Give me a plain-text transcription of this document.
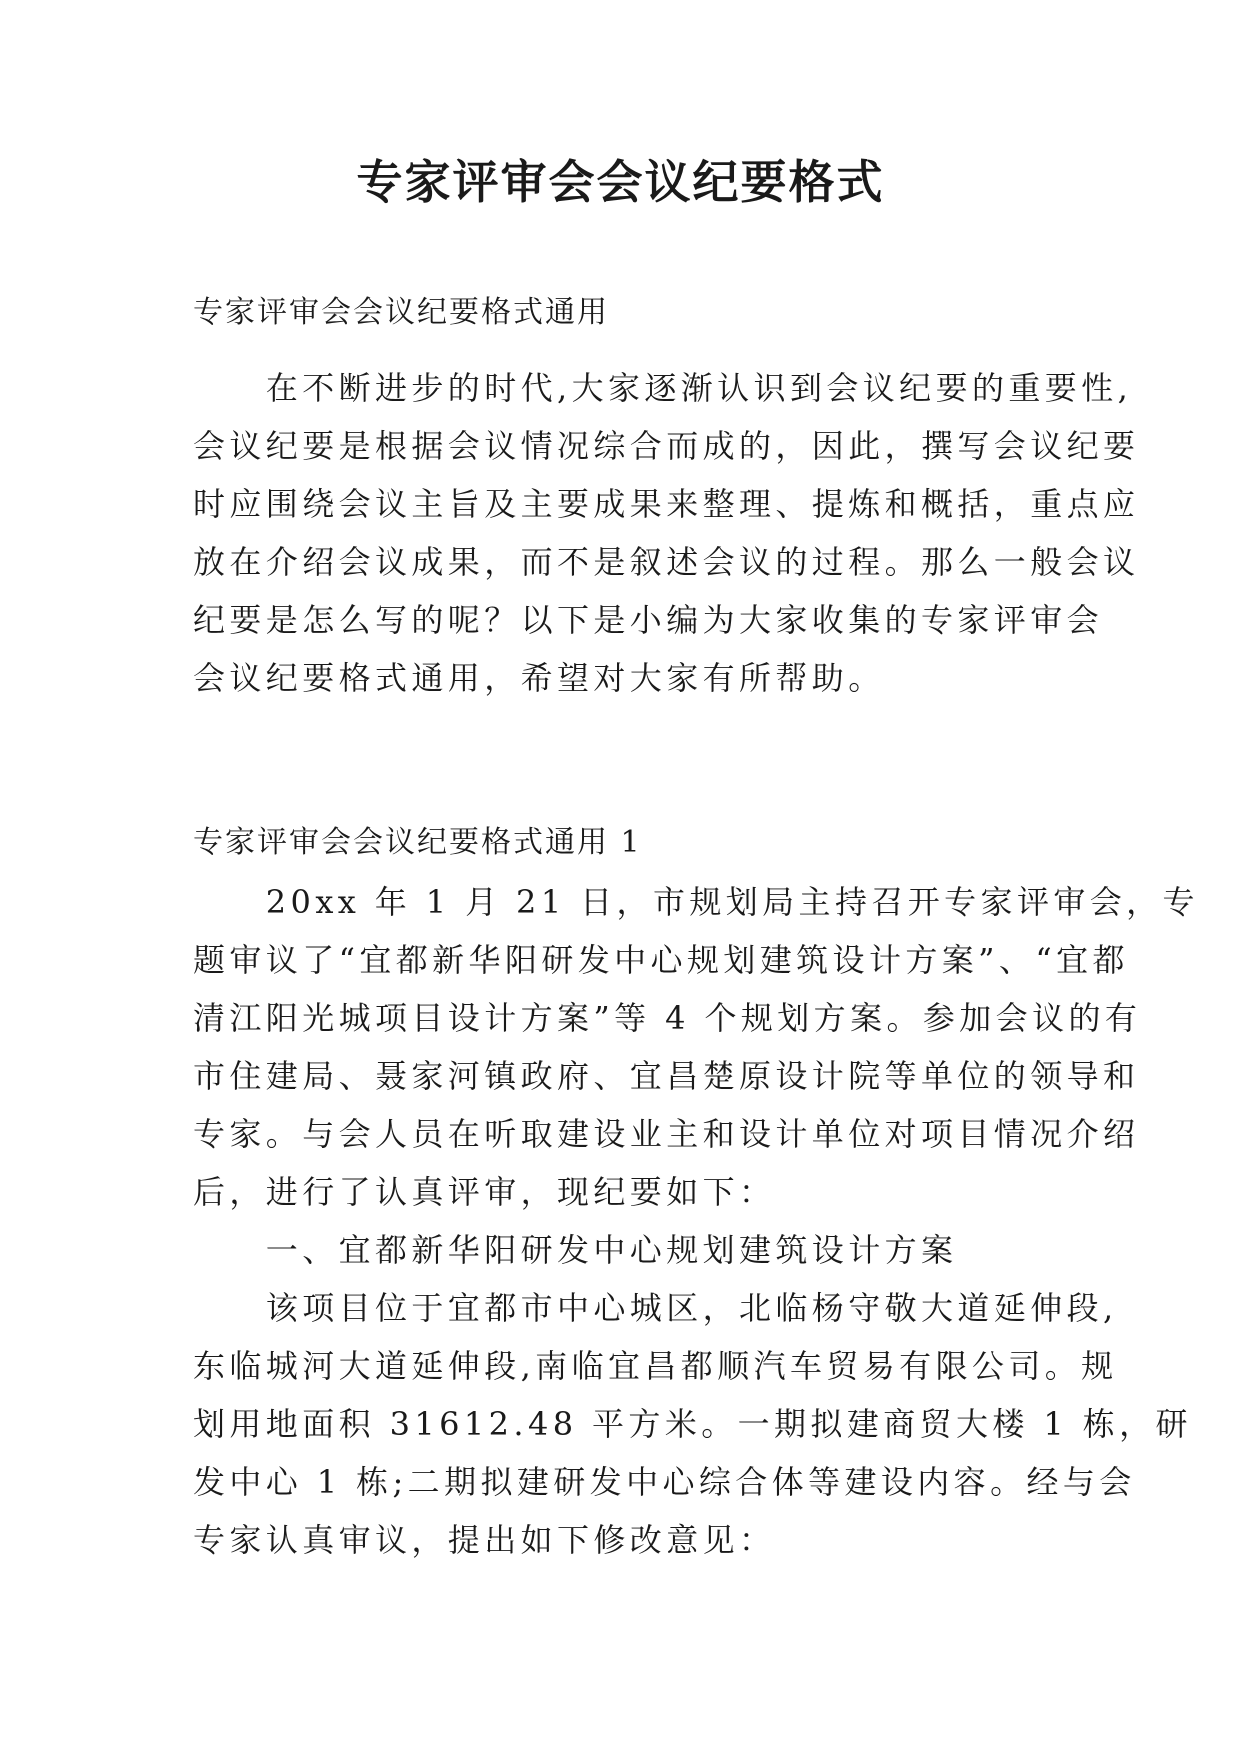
专家评审会会议纪要格式

专家评审会会议纪要格式通用

　　在不断进步的时代,大家逐渐认识到会议纪要的重要性,

会议纪要是根据会议情况综合而成的，因此，撰写会议纪要

时应围绕会议主旨及主要成果来整理、提炼和概括，重点应

放在介绍会议成果，而不是叙述会议的过程。那么一般会议

纪要是怎么写的呢？以下是小编为大家收集的专家评审会

会议纪要格式通用，希望对大家有所帮助。

专家评审会会议纪要格式通用 1

　　20xx 年 1 月 21 日，市规划局主持召开专家评审会，专

题审议了“宜都新华阳研发中心规划建筑设计方案”、“宜都

清江阳光城项目设计方案”等 4 个规划方案。参加会议的有

市住建局、聂家河镇政府、宜昌楚原设计院等单位的领导和

专家。与会人员在听取建设业主和设计单位对项目情况介绍

后，进行了认真评审，现纪要如下：

　　一、宜都新华阳研发中心规划建筑设计方案

　　该项目位于宜都市中心城区，北临杨守敬大道延伸段,

东临城河大道延伸段,南临宜昌都顺汽车贸易有限公司。规

划用地面积 31612.48 平方米。一期拟建商贸大楼 1 栋，研

发中心 1 栋;二期拟建研发中心综合体等建设内容。经与会

专家认真审议，提出如下修改意见：
